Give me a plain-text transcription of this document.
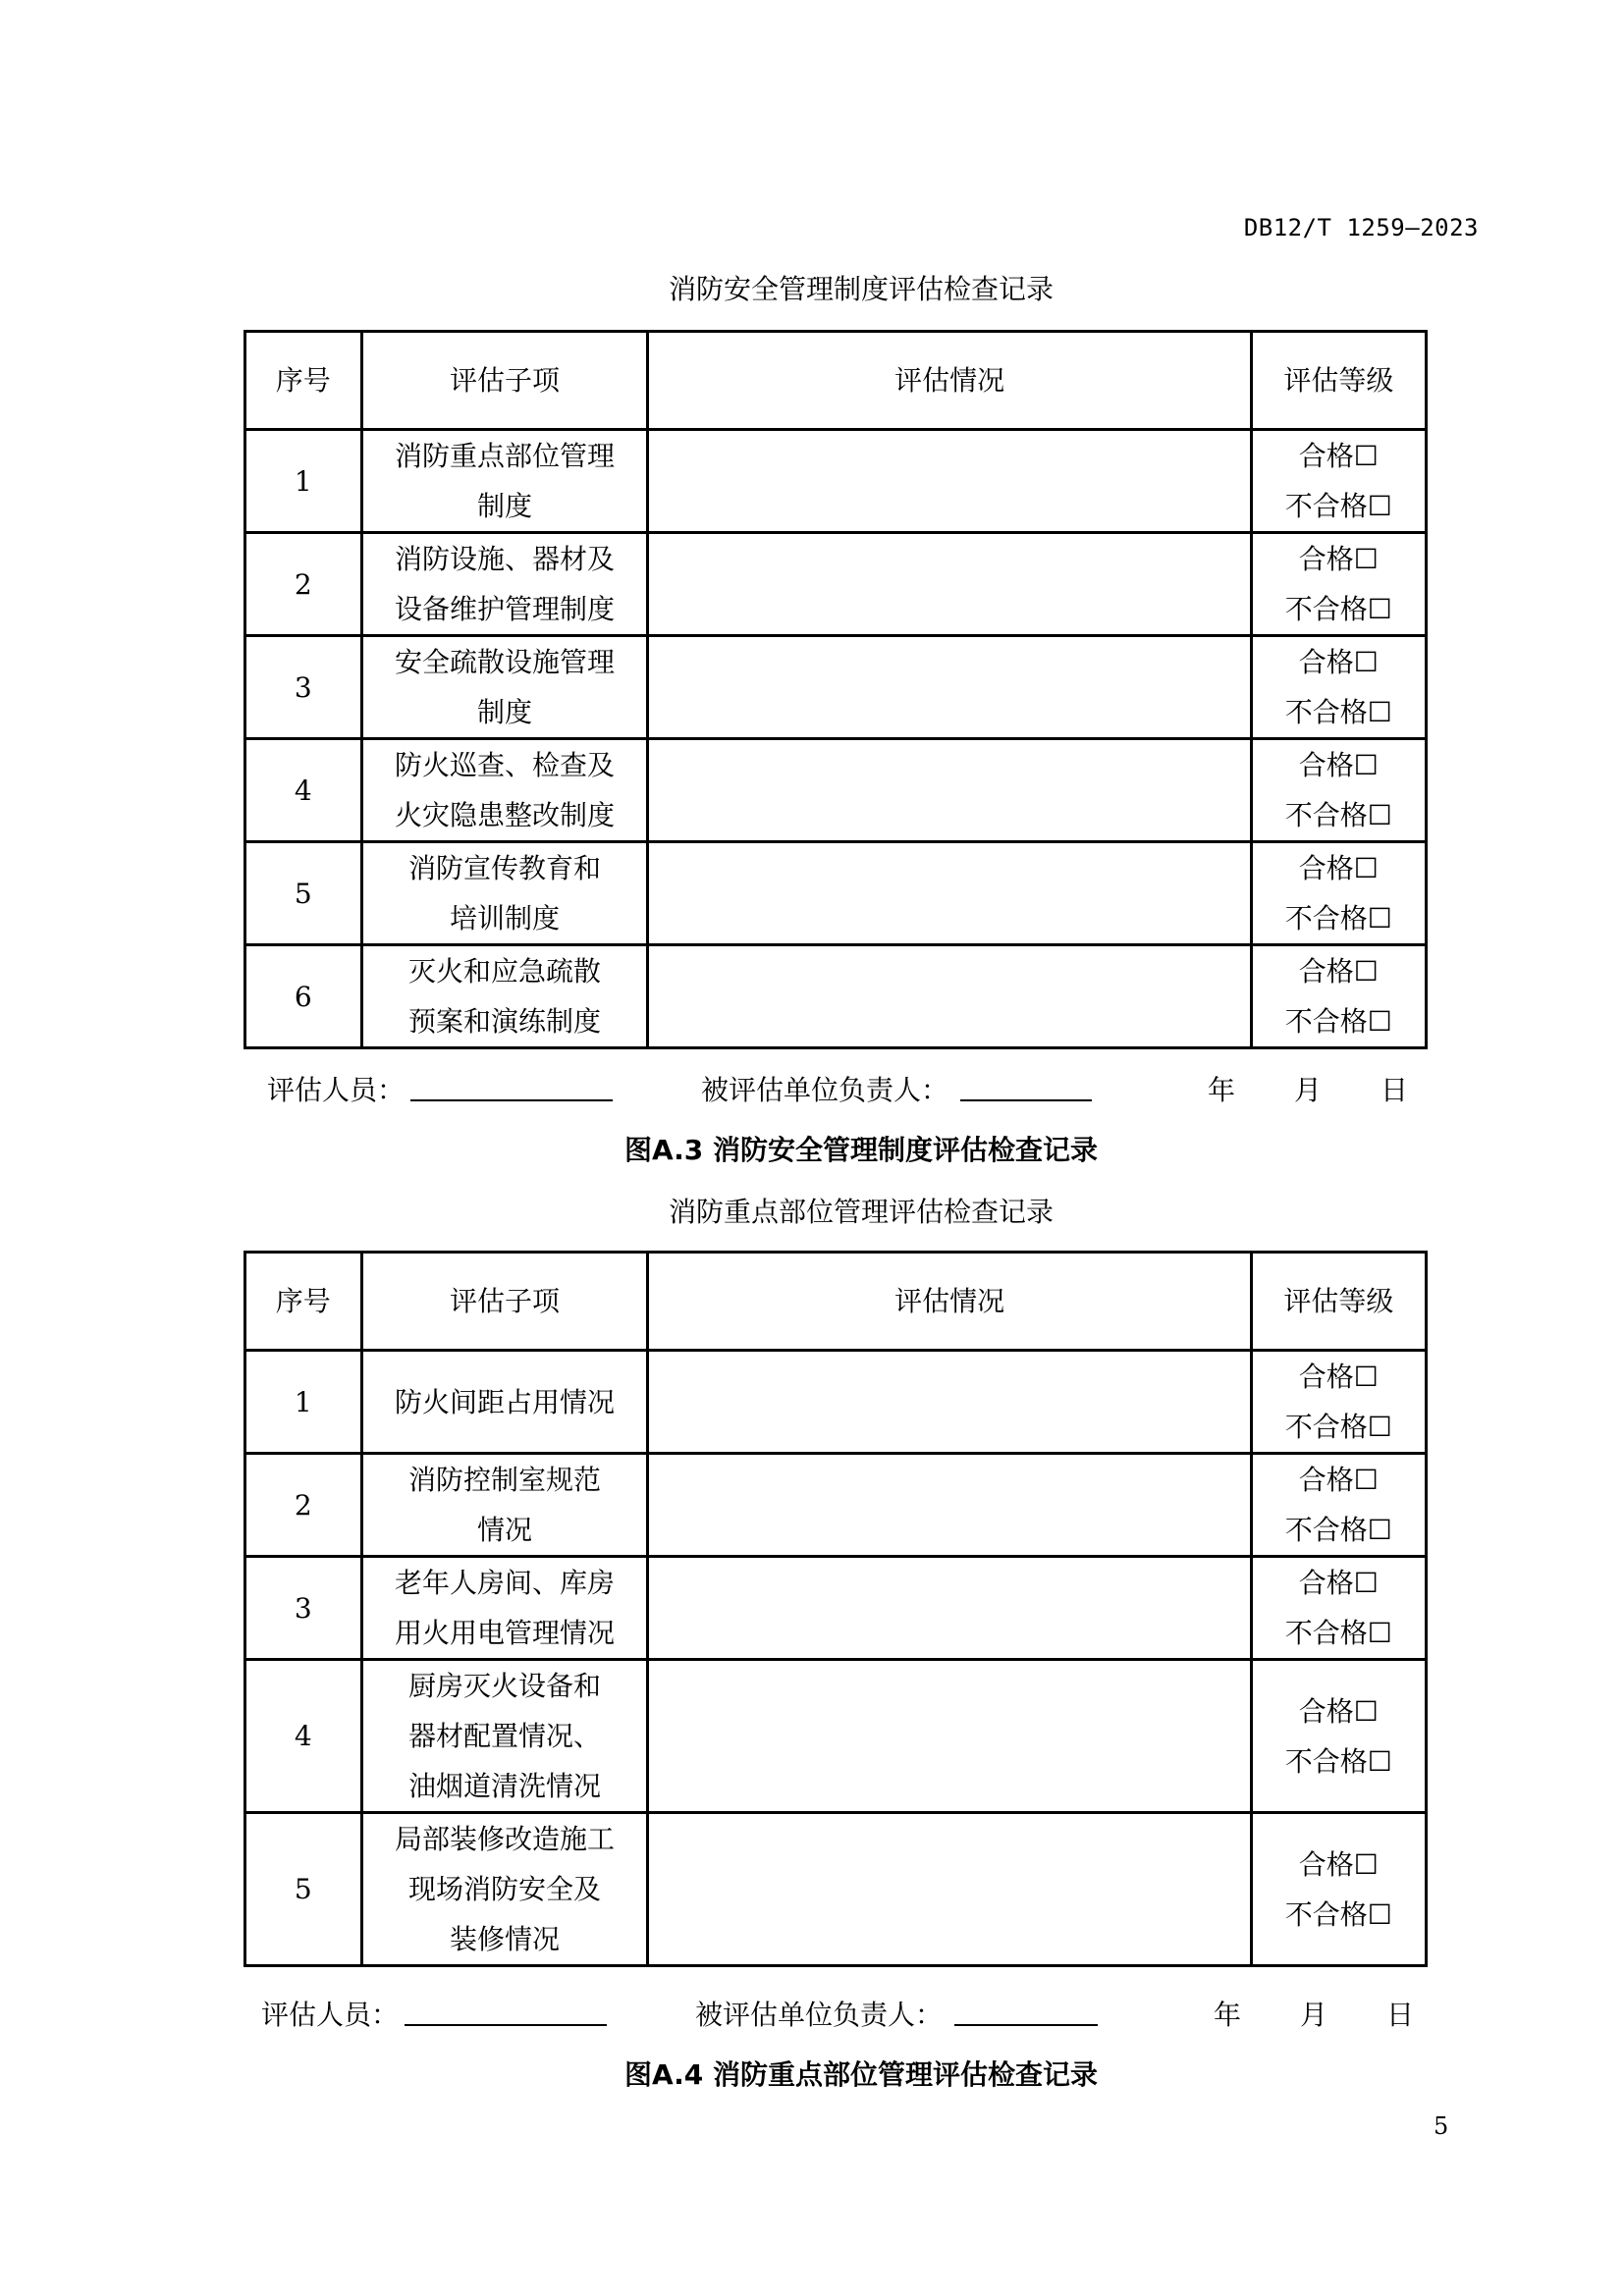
DB12/T 1259—2023
消防安全管理制度评估检查记录
序号	评估子项	评估情况	评估等级
1	消防重点部位管理
制度		合格☐
不合格☐

2	消防设施、器材及
设备维护管理制度		合格☐
不合格☐

3	安全疏散设施管理
制度		合格☐
不合格☐

4	防火巡查、检查及
火灾隐患整改制度		合格☐
不合格☐

5	消防宣传教育和
培训制度		合格☐
不合格☐

6	灭火和应急疏散
预案和演练制度		合格☐
不合格☐
评估人员：	被评估单位负责人：	年 月 日
图A.3 消防安全管理制度评估检查记录
消防重点部位管理评估检查记录
序号	评估子项	评估情况	评估等级
1	防火间距占用情况		合格☐
不合格☐

2	消防控制室规范
情况		合格☐
不合格☐

3	老年人房间、库房
用火用电管理情况		合格☐
不合格☐

4	厨房灭火设备和
器材配置情况、
油烟道清洗情况		合格☐
不合格☐

5	局部装修改造施工
现场消防安全及
装修情况		合格☐
不合格☐
评估人员：	被评估单位负责人：	年 月 日
图A.4 消防重点部位管理评估检查记录
5
